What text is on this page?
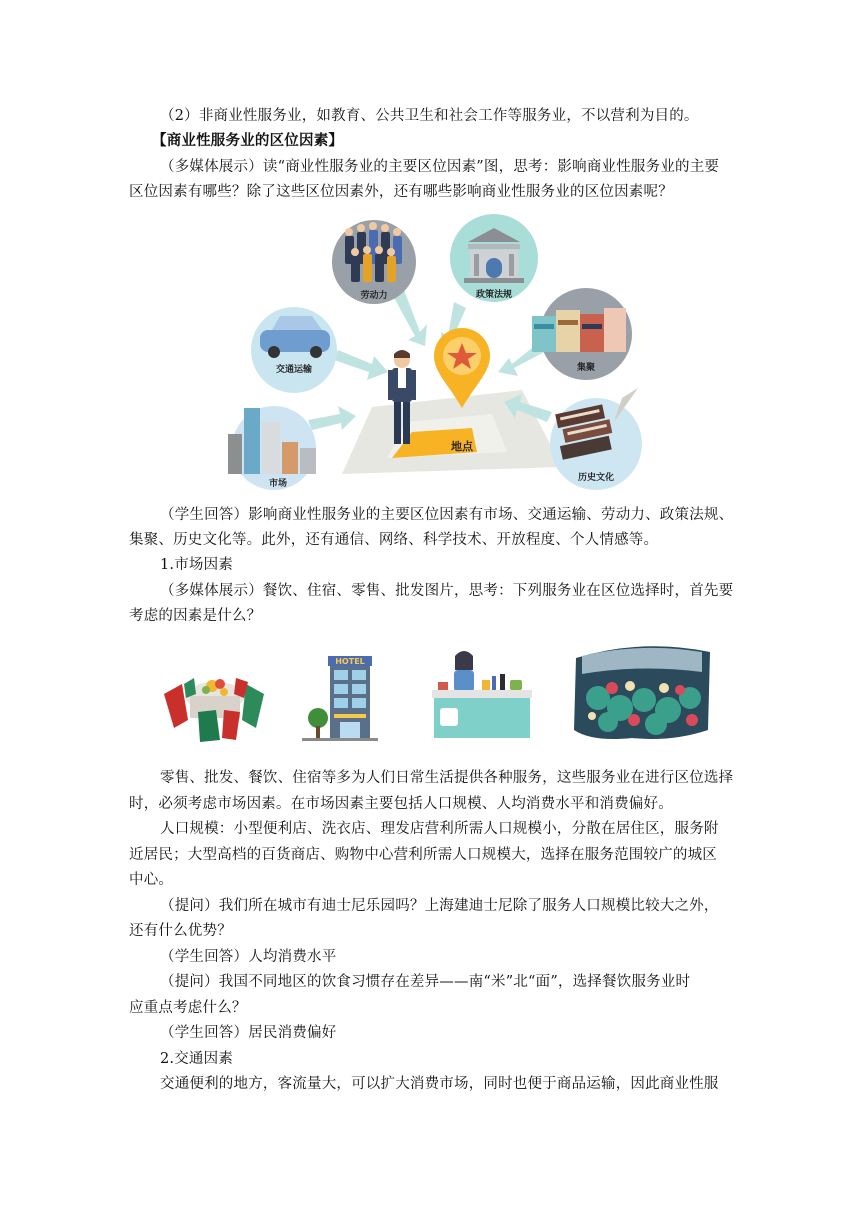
（2）非商业性服务业，如教育、公共卫生和社会工作等服务业，不以营利为目的。
【商业性服务业的区位因素】
（多媒体展示）读“商业性服务业的主要区位因素”图，思考：影响商业性服务业的主要
区位因素有哪些？除了这些区位因素外，还有哪些影响商业性服务业的区位因素呢？
劳动力	政策法规
交通运输	集聚
市场
历史文化
地点
（学生回答）影响商业性服务业的主要区位因素有市场、交通运输、劳动力、政策法规、
集聚、历史文化等。此外，还有通信、网络、科学技术、开放程度、个人情感等。
1.市场因素
（多媒体展示）餐饮、住宿、零售、批发图片，思考：下列服务业在区位选择时，首先要
考虑的因素是什么？
HOTEL
零售、批发、餐饮、住宿等多为人们日常生活提供各种服务，这些服务业在进行区位选择
时，必须考虑市场因素。在市场因素主要包括人口规模、人均消费水平和消费偏好。
人口规模：小型便利店、洗衣店、理发店营利所需人口规模小，分散在居住区，服务附
近居民；大型高档的百货商店、购物中心营利所需人口规模大，选择在服务范围较广的城区
中心。
（提问）我们所在城市有迪士尼乐园吗？上海建迪士尼除了服务人口规模比较大之外，
还有什么优势？
（学生回答）人均消费水平
（提问）我国不同地区的饮食习惯存在差异——南“米”北“面”，选择餐饮服务业时
应重点考虑什么？
（学生回答）居民消费偏好
2.交通因素
交通便利的地方，客流量大，可以扩大消费市场，同时也便于商品运输，因此商业性服
